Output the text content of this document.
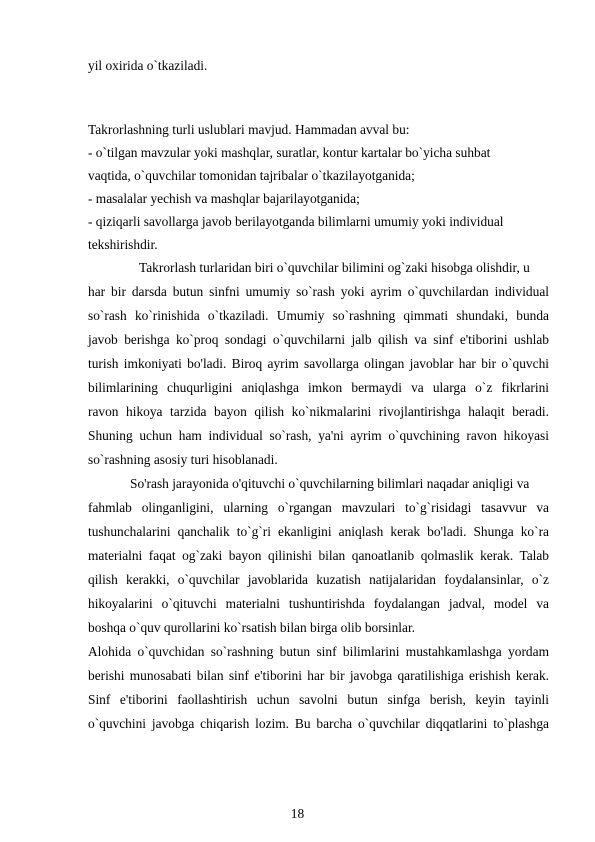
yil oxirida o`tkaziladi.
Takrorlashning turli uslublari mavjud. Hammadan avval bu:
- o`tilgan mavzular yoki mashqlar, suratlar, kontur kartalar bo`yicha suhbat
vaqtida, o`quvchilar tomonidan tajribalar o`tkazilayotganida;
- masalalar yechish va mashqlar bajarilayotganida;
- qiziqarli savollarga javob berilayotganda bilimlarni umumiy yoki individual
tekshirishdir.
Takrorlash turlaridan biri o`quvchilar bilimini og`zaki hisobga olishdir, u
har bir darsda butun sinfni umumiy so`rash yoki ayrim o`quvchilardan individual
so`rash ko`rinishida o`tkaziladi. Umumiy so`rashning qimmati shundaki, bunda
javob berishga ko`proq sondagi o`quvchilarni jalb qilish va sinf e'tiborini ushlab
turish imkoniyati bo'ladi. Biroq ayrim savollarga olingan javoblar har bir o`quvchi
bilimlarining chuqurligini aniqlashga imkon bermaydi va ularga o`z fikrlarini
ravon hikoya tarzida bayon qilish ko`nikmalarini rivojlantirishga halaqit beradi.
Shuning uchun ham individual so`rash, ya'ni ayrim o`quvchining ravon hikoyasi
so`rashning asosiy turi hisoblanadi.
So'rash jarayonida o'qituvchi o`quvchilarning bilimlari naqadar aniqligi va
fahmlab olinganligini, ularning o`rgangan mavzulari to`g`risidagi tasavvur va
tushunchalarini qanchalik to`g`ri ekanligini aniqlash kerak bo'ladi. Shunga ko`ra
materialni faqat og`zaki bayon qilinishi bilan qanoatlanib qolmaslik kerak. Talab
qilish kerakki, o`quvchilar javoblarida kuzatish natijalaridan foydalansinlar, o`z
hikoyalarini o`qituvchi materialni tushuntirishda foydalangan jadval, model va
boshqa o`quv qurollarini ko`rsatish bilan birga olib borsinlar.
Alohida o`quvchidan so`rashning butun sinf bilimlarini mustahkamlashga yordam
berishi munosabati bilan sinf e'tiborini har bir javobga qaratilishiga erishish kerak.
Sinf e'tiborini faollashtirish uchun savolni butun sinfga berish, keyin tayinli
o`quvchini javobga chiqarish lozim. Bu barcha o`quvchilar diqqatlarini to`plashga
18
